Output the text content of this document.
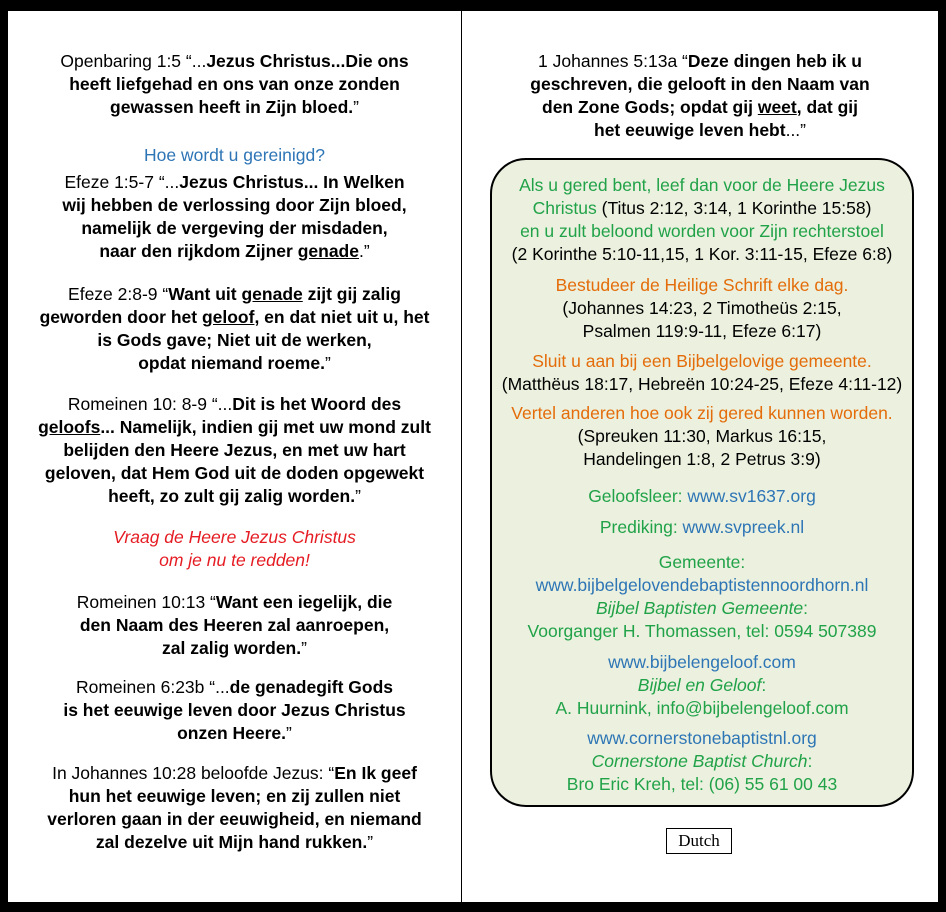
Openbaring 1:5 “...Jezus Christus...Die ons
heeft liefgehad en ons van onze zonden
gewassen heeft in Zijn bloed.”
Hoe wordt u gereinigd?
Efeze 1:5-7 “...Jezus Christus... In Welken
wij hebben de verlossing door Zijn bloed,
namelijk de vergeving der misdaden,
naar den rijkdom Zijner genade.”
Efeze 2:8-9 “Want uit genade zijt gij zalig
geworden door het geloof, en dat niet uit u, het
is Gods gave; Niet uit de werken,
opdat niemand roeme.”
Romeinen 10: 8-9 “...Dit is het Woord des
geloofs... Namelijk, indien gij met uw mond zult
belijden den Heere Jezus, en met uw hart
geloven, dat Hem God uit de doden opgewekt
heeft, zo zult gij zalig worden.”
Vraag de Heere Jezus Christus
om je nu te redden!
Romeinen 10:13 “Want een iegelijk, die
den Naam des Heeren zal aanroepen,
zal zalig worden.”
Romeinen 6:23b “...de genadegift Gods
is het eeuwige leven door Jezus Christus
onzen Heere.”
In Johannes 10:28 beloofde Jezus: “En Ik geef
hun het eeuwige leven; en zij zullen niet
verloren gaan in der eeuwigheid, en niemand
zal dezelve uit Mijn hand rukken.”
1 Johannes 5:13a “Deze dingen heb ik u
geschreven, die gelooft in den Naam van
den Zone Gods; opdat gij weet, dat gij
het eeuwige leven hebt...”
Als u gered bent, leef dan voor de Heere Jezus
Christus (Titus 2:12, 3:14, 1 Korinthe 15:58)
en u zult beloond worden voor Zijn rechterstoel
(2 Korinthe 5:10-11,15, 1 Kor. 3:11-15, Efeze 6:8)
Bestudeer de Heilige Schrift elke dag.
(Johannes 14:23, 2 Timotheüs 2:15,
Psalmen 119:9-11, Efeze 6:17)
Sluit u aan bij een Bijbelgelovige gemeente.
(Matthëus 18:17, Hebreën 10:24-25, Efeze 4:11-12)
Vertel anderen hoe ook zij gered kunnen worden.
(Spreuken 11:30, Markus 16:15,
Handelingen 1:8, 2 Petrus 3:9)
Geloofsleer: www.sv1637.org
Prediking: www.svpreek.nl
Gemeente:
www.bijbelgelovendebaptistennoordhorn.nl
Bijbel Baptisten Gemeente:
Voorganger H. Thomassen, tel: 0594 507389
www.bijbelengeloof.com
Bijbel en Geloof:
A. Huurnink, info@bijbelengeloof.com
www.cornerstonebaptistnl.org
Cornerstone Baptist Church:
Bro Eric Kreh, tel: (06) 55 61 00 43
Dutch
